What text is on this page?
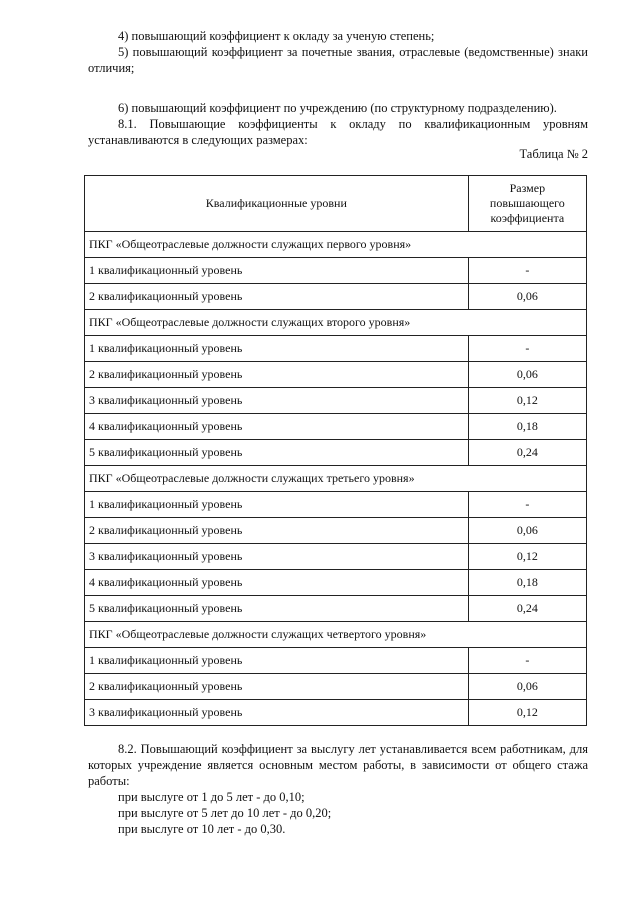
4) повышающий коэффициент к окладу за ученую степень;
5) повышающий коэффициент за почетные звания, отраслевые (ведомственные) знаки отличия;
6) повышающий коэффициент по учреждению (по структурному подразделению).
8.1. Повышающие коэффициенты к окладу по квалификационным уровням устанавливаются в следующих размерах:
Таблица № 2
Квалификационные уровни	Размер повышающего коэффициента
ПКГ «Общеотраслевые должности служащих первого уровня»	
1 квалификационный уровень	-
2 квалификационный уровень	0,06
ПКГ «Общеотраслевые должности служащих второго уровня»	
1 квалификационный уровень	-
2 квалификационный уровень	0,06
3 квалификационный уровень	0,12
4 квалификационный уровень	0,18
5 квалификационный уровень	0,24
ПКГ «Общеотраслевые должности служащих третьего уровня»	
1 квалификационный уровень	-
2 квалификационный уровень	0,06
3 квалификационный уровень	0,12
4 квалификационный уровень	0,18
5 квалификационный уровень	0,24
ПКГ «Общеотраслевые должности служащих четвертого уровня»	
1 квалификационный уровень	-
2 квалификационный уровень	0,06
3 квалификационный уровень	0,12
8.2. Повышающий коэффициент за выслугу лет устанавливается всем работникам, для которых учреждение является основным местом работы, в зависимости от общего стажа работы:
при выслуге от 1 до 5 лет - до 0,10;
при выслуге от 5 лет до 10 лет - до 0,20;
при выслуге от 10 лет - до 0,30.
